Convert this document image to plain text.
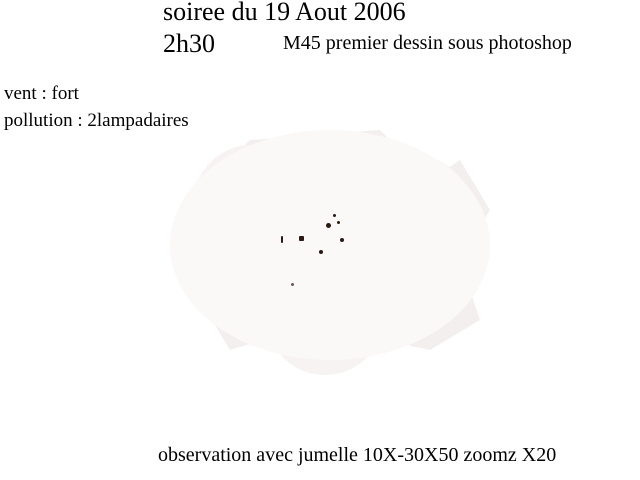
soiree du 19 Aout 2006
2h30	M45 premier dessin sous photoshop
vent : fort
pollution : 2lampadaires
observation avec jumelle 10X-30X50 zoomz X20
